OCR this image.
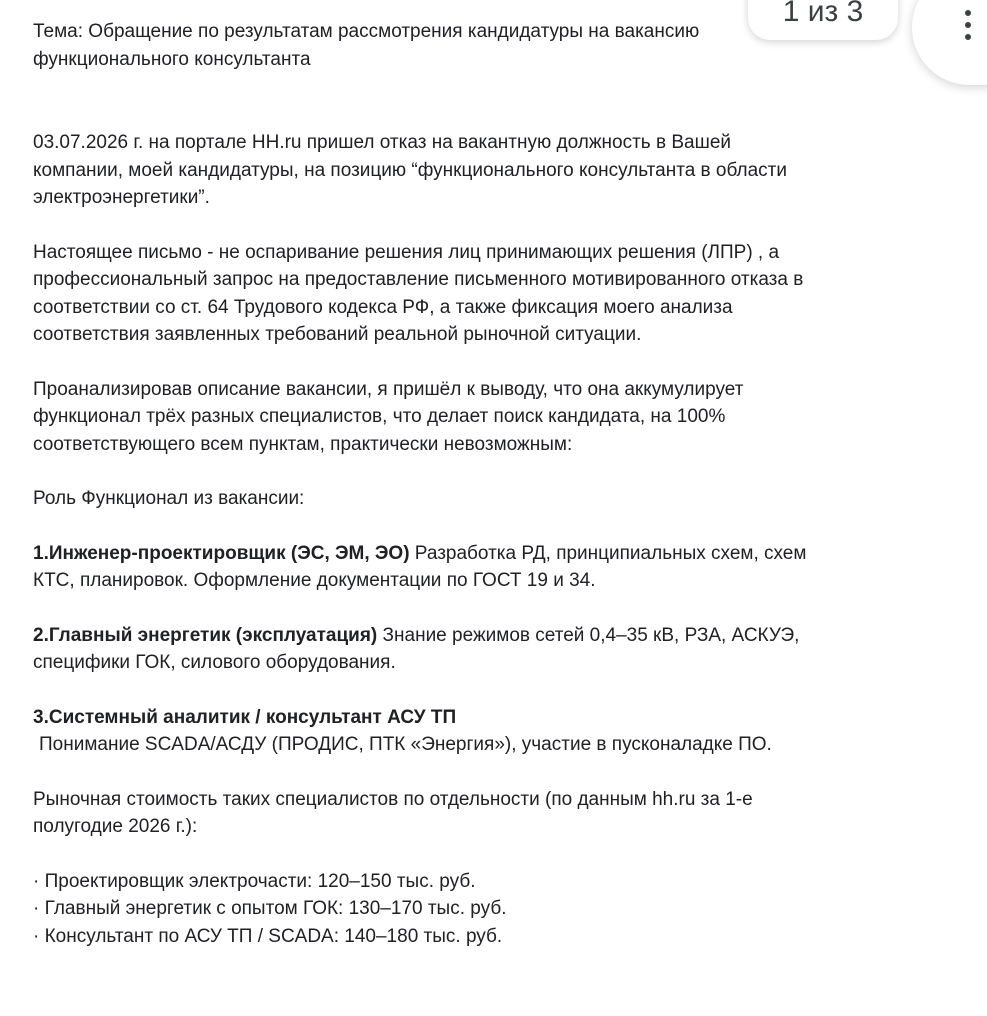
Тема: Обращение по результатам рассмотрения кандидатуры на вакансию

функционального консультанта

03.07.2026 г. на портале HH.ru пришел отказ на вакантную должность в Вашей

компании, моей кандидатуры, на позицию “функционального консультанта в области

электроэнергетики”.

Настоящее письмо - не оспаривание решения лиц принимающих решения (ЛПР) , а

профессиональный запрос на предоставление письменного мотивированного отказа в

соответствии со ст. 64 Трудового кодекса РФ, а также фиксация моего анализа

соответствия заявленных требований реальной рыночной ситуации.

Проанализировав описание вакансии, я пришёл к выводу, что она аккумулирует

функционал трёх разных специалистов, что делает поиск кандидата, на 100%

соответствующего всем пунктам, практически невозможным:

Роль Функционал из вакансии:

1.Инженер-проектировщик (ЭС, ЭМ, ЭО) Разработка РД, принципиальных схем, схем

КТС, планировок. Оформление документации по ГОСТ 19 и 34.

2.Главный энергетик (эксплуатация) Знание режимов сетей 0,4–35 кВ, РЗА, АСКУЭ,

специфики ГОК, силового оборудования.

3.Системный аналитик / консультант АСУ ТП

Понимание SCADA/АСДУ (ПРОДИС, ПТК «Энергия»), участие в пусконаладке ПО.

Рыночная стоимость таких специалистов по отдельности (по данным hh.ru за 1-е

полугодие 2026 г.):

· Проектировщик электрочасти: 120–150 тыс. руб.
· Главный энергетик с опытом ГОК: 130–170 тыс. руб.
· Консультант по АСУ ТП / SCADA: 140–180 тыс. руб.
1 из 3
